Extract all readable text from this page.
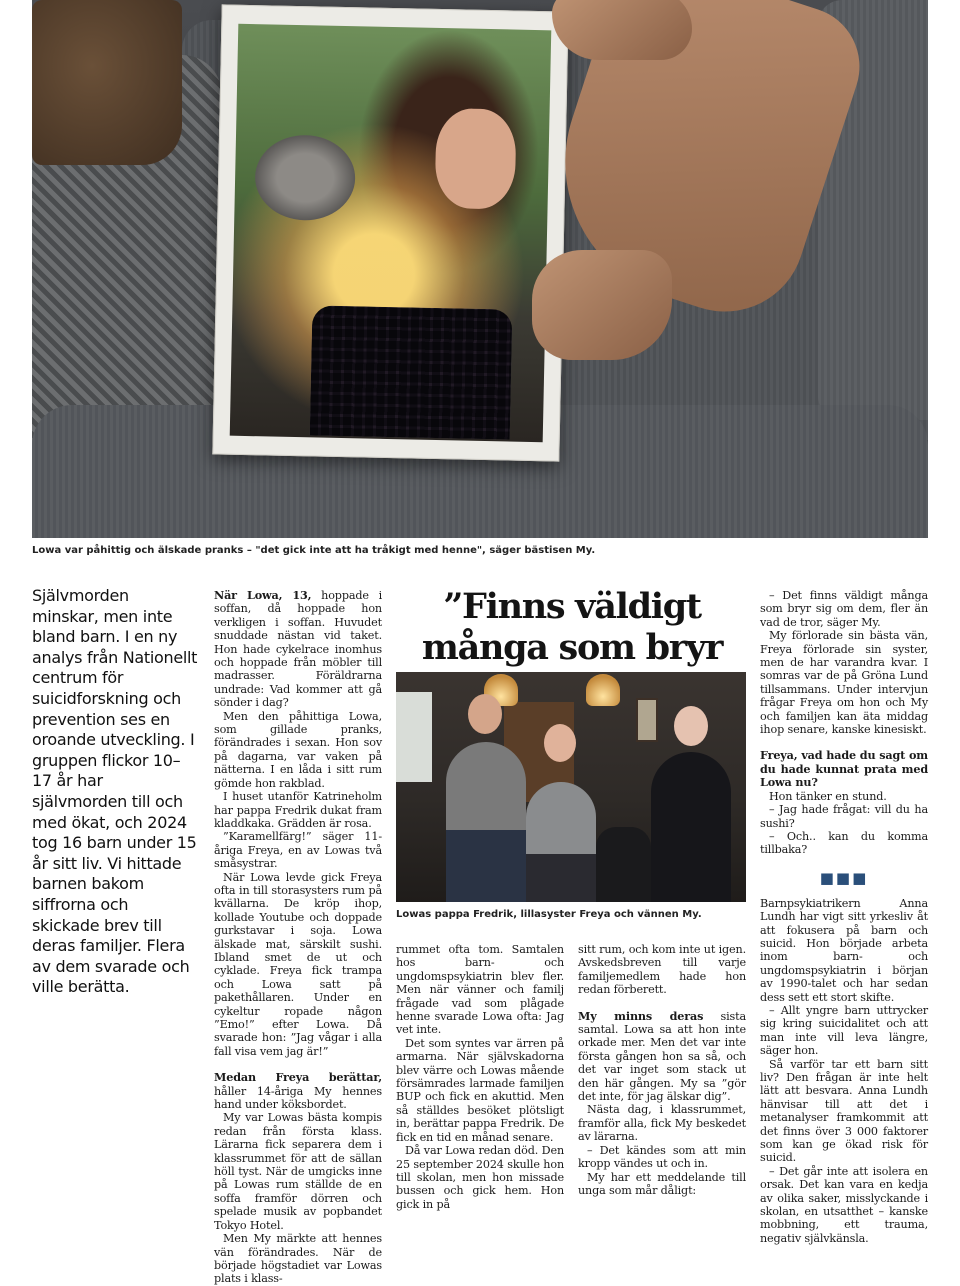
Lowa var påhittig och älskade pranks – "det gick inte att ha tråkigt med henne", säger bästisen My.
Självmorden minskar, men inte bland barn. I en ny analys från Nationellt centrum för suicidforskning och prevention ses en oroande utveckling. I gruppen flickor 10–17 år har självmorden till och med ökat, och 2024 tog 16 barn under 15 år sitt liv. Vi hittade barnen bakom siffrorna och skickade brev till deras familjer. Flera av dem svarade och ville berätta.

När Lowa, 13, hoppade i soffan, då hoppade hon verkligen i soffan. Huvudet snuddade nästan vid taket. Hon hade cykelrace inomhus och hoppade från möbler till madrasser. Föräldrarna undrade: Vad kommer att gå sönder i dag?

Men den påhittiga Lowa, som gillade pranks, förändrades i sexan. Hon sov på dagarna, var vaken på nätterna. I en låda i sitt rum gömde hon rakblad.

I huset utanför Katrineholm har pappa Fredrik dukat fram kladdkaka. Grädden är rosa.

”Karamellfärg!” säger 11-åriga Freya, en av Lowas två småsystrar.

När Lowa levde gick Freya ofta in till storasysters rum på kvällarna. De kröp ihop, kollade Youtube och doppade gurkstavar i soja. Lowa älskade mat, särskilt sushi. Ibland smet de ut och cyklade. Freya fick trampa och Lowa satt på pakethållaren. Under en cykeltur ropade någon ”Emo!” efter Lowa. Då svarade hon: ”Jag vågar i alla fall visa vem jag är!”

Medan Freya berättar, håller 14-åriga My hennes hand under köksbordet.

My var Lowas bästa kompis redan från första klass. Lärarna fick separera dem i klassrummet för att de sällan höll tyst. När de umgicks inne på Lowas rum ställde de en soffa framför dörren och spelade musik av popbandet Tokyo Hotel.

Men My märkte att hennes vän förändrades. När de började högstadiet var Lowas plats i klass-

”Finns väldigt många som bryr
Lowas pappa Fredrik, lillasyster Freya och vännen My.

rummet ofta tom. Samtalen hos barn- och ungdomspsykiatrin blev fler. Men när vänner och familj frågade vad som plågade henne svarade Lowa ofta: Jag vet inte.

Det som syntes var ärren på armarna. När självskadorna blev värre och Lowas mående försämrades larmade familjen BUP och fick en akuttid. Men så ställdes besöket plötsligt in, berättar pappa Fredrik. De fick en tid en månad senare.

Då var Lowa redan död. Den 25 september 2024 skulle hon till skolan, men hon missade bussen och gick hem. Hon gick in på

sitt rum, och kom inte ut igen. Avskedsbreven till varje familjemedlem hade hon redan förberett.

My minns deras sista samtal. Lowa sa att hon inte orkade mer. Men det var inte första gången hon sa så, och det var inget som stack ut den här gången. My sa ”gör det inte, för jag älskar dig”.

Nästa dag, i klassrummet, framför alla, fick My beskedet av lärarna.

– Det kändes som att min kropp vändes ut och in.

My har ett meddelande till unga som mår dåligt:

– Det finns väldigt många som bryr sig om dem, fler än vad de tror, säger My.

My förlorade sin bästa vän, Freya förlorade sin syster, men de har varandra kvar. I somras var de på Gröna Lund tillsammans. Under intervjun frågar Freya om hon och My och familjen kan äta middag ihop senare, kanske kinesiskt.

Freya, vad hade du sagt om du hade kunnat prata med Lowa nu?

Hon tänker en stund.

– Jag hade frågat: vill du ha sushi?

– Och.. kan du komma tillbaka?

■■■

Barnpsykiatrikern Anna Lundh har vigt sitt yrkesliv åt att fokusera på barn och suicid. Hon började arbeta inom barn- och ungdomspsykiatrin i början av 1990-talet och har sedan dess sett ett stort skifte.

– Allt yngre barn uttrycker sig kring suicidalitet och att man inte vill leva längre, säger hon.

Så varför tar ett barn sitt liv? Den frågan är inte helt lätt att besvara. Anna Lundh hänvisar till att det i metanalyser framkommit att det finns över 3 000 faktorer som kan ge ökad risk för suicid.

– Det går inte att isolera en orsak. Det kan vara en kedja av olika saker, misslyckande i skolan, en utsatthet – kanske mobbning, ett trauma, negativ självkänsla.
